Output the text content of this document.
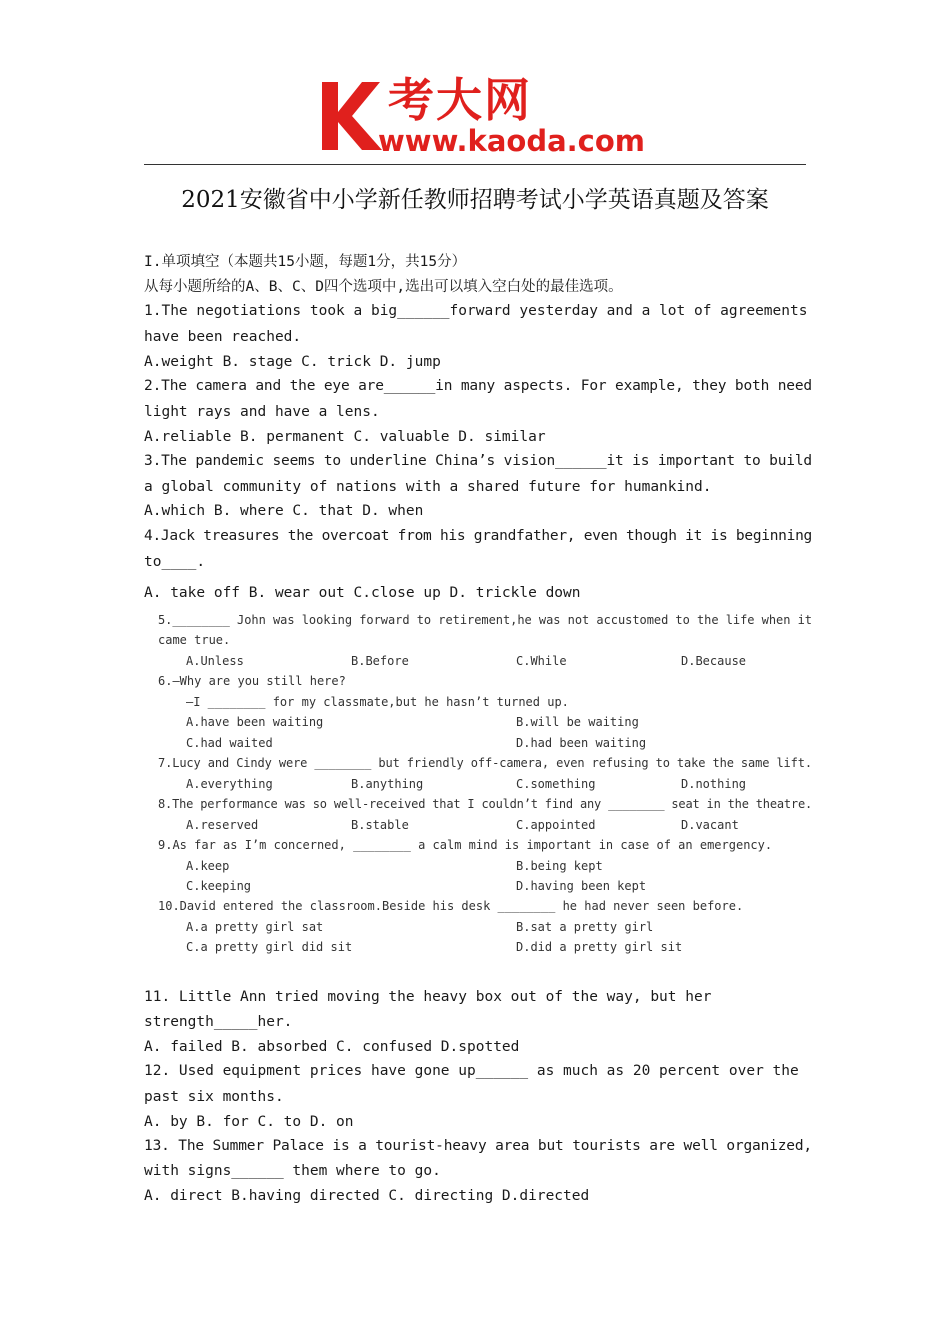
考大网
www.kaoda.com
2021安徽省中小学新任教师招聘考试小学英语真题及答案
I.单项填空（本题共15小题，每题1分，共15分）
从每小题所给的A、B、C、D四个选项中,选出可以填入空白处的最佳选项。
1.The negotiations took a big______forward yesterday and a lot of agreements
have been reached.
A.weight B. stage C. trick D. jump
2.The camera and the eye are______in many aspects. For example, they both need
light rays and have a lens.
A.reliable B. permanent C. valuable D. similar
3.The pandemic seems to underline China’s vision______it is important to build
a global community of nations with a shared future for humankind.
A.which B. where C. that D. when
4.Jack treasures the overcoat from his grandfather, even though it is beginning
to____.
A. take off B. wear out C.close up D. trickle down
5.________ John was looking forward to retirement,he was not accustomed to the life when it
came true.
A.Unless	B.Before	C.While	D.Because
6.—Why are you still here?
—I ________ for my classmate,but he hasn’t turned up.
A.have been waiting	B.will be waiting
C.had waited	D.had been waiting
7.Lucy and Cindy were ________ but friendly off-camera, even refusing to take the same lift.
A.everything	B.anything	C.something	D.nothing
8.The performance was so well-received that I couldn’t find any ________ seat in the theatre.
A.reserved	B.stable	C.appointed	D.vacant
9.As far as I’m concerned, ________ a calm mind is important in case of an emergency.
A.keep	B.being kept
C.keeping	D.having been kept
10.David entered the classroom.Beside his desk ________ he had never seen before.
A.a pretty girl sat	B.sat a pretty girl
C.a pretty girl did sit	D.did a pretty girl sit
11. Little Ann tried moving the heavy box out of the way, but her
strength_____her.
A. failed B. absorbed C. confused D.spotted
12. Used equipment prices have gone up______ as much as 20 percent over the
past six months.
A. by B. for C. to D. on
13. The Summer Palace is a tourist-heavy area but tourists are well organized,
with signs______ them where to go.
A. direct B.having directed C. directing D.directed
